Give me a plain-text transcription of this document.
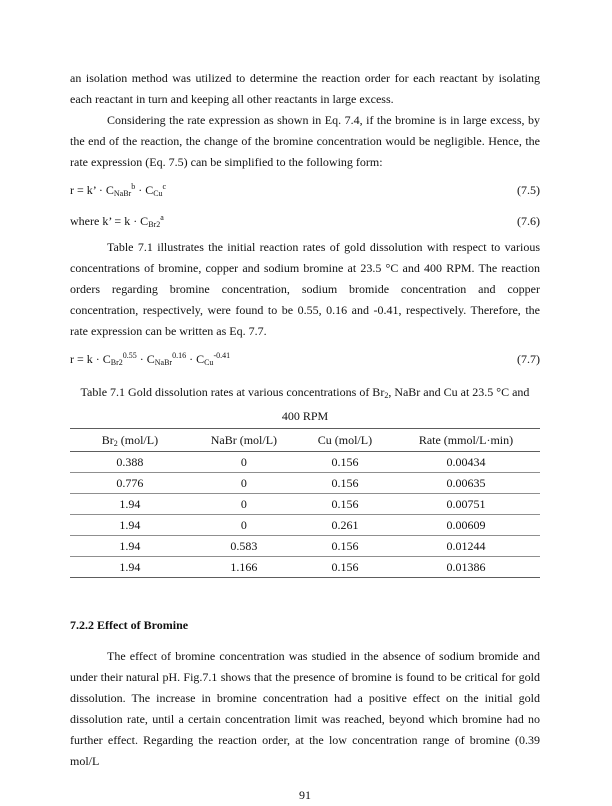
an isolation method was utilized to determine the reaction order for each reactant by isolating each reactant in turn and keeping all other reactants in large excess.

Considering the rate expression as shown in Eq. 7.4, if the bromine is in large excess, by the end of the reaction, the change of the bromine concentration would be negligible. Hence, the rate expression (Eq. 7.5) can be simplified to the following form:

r = k’ · $C_{NaBr}^b \cdot C_{Cu}^c$	(7.5)
where k’ = $k \cdot C_{Br2}^a$	(7.6)

Table 7.1 illustrates the initial reaction rates of gold dissolution with respect to various concentrations of bromine, copper and sodium bromine at 23.5 °C and 400 RPM. The reaction orders regarding bromine concentration, sodium bromide concentration and copper concentration, respectively, were found to be 0.55, 0.16 and -0.41, respectively. Therefore, the rate expression can be written as Eq. 7.7.

$r = k \cdot C_{Br2}^{0.55} \cdot C_{NaBr}^{0.16} \cdot C_{Cu}^{-0.41}$	(7.7)
Table 7.1 Gold dissolution rates at various concentrations of $Br_2$, NaBr and Cu at 23.5 °C and
400 RPM
$Br_2$ (mol/L)	NaBr (mol/L)	Cu (mol/L)	Rate (mmol/L·min)
0.388	0	0.156	0.00434
0.776	0	0.156	0.00635
1.94	0	0.156	0.00751
1.94	0	0.261	0.00609
1.94	0.583	0.156	0.01244
1.94	1.166	0.156	0.01386
7.2.2 Effect of Bromine

The effect of bromine concentration was studied in the absence of sodium bromide and under their natural pH. Fig.7.1 shows that the presence of bromine is found to be critical for gold dissolution. The increase in bromine concentration had a positive effect on the initial gold dissolution rate, until a certain concentration limit was reached, beyond which bromine had no further effect. Regarding the reaction order, at the low concentration range of bromine (0.39 mol/L

91
